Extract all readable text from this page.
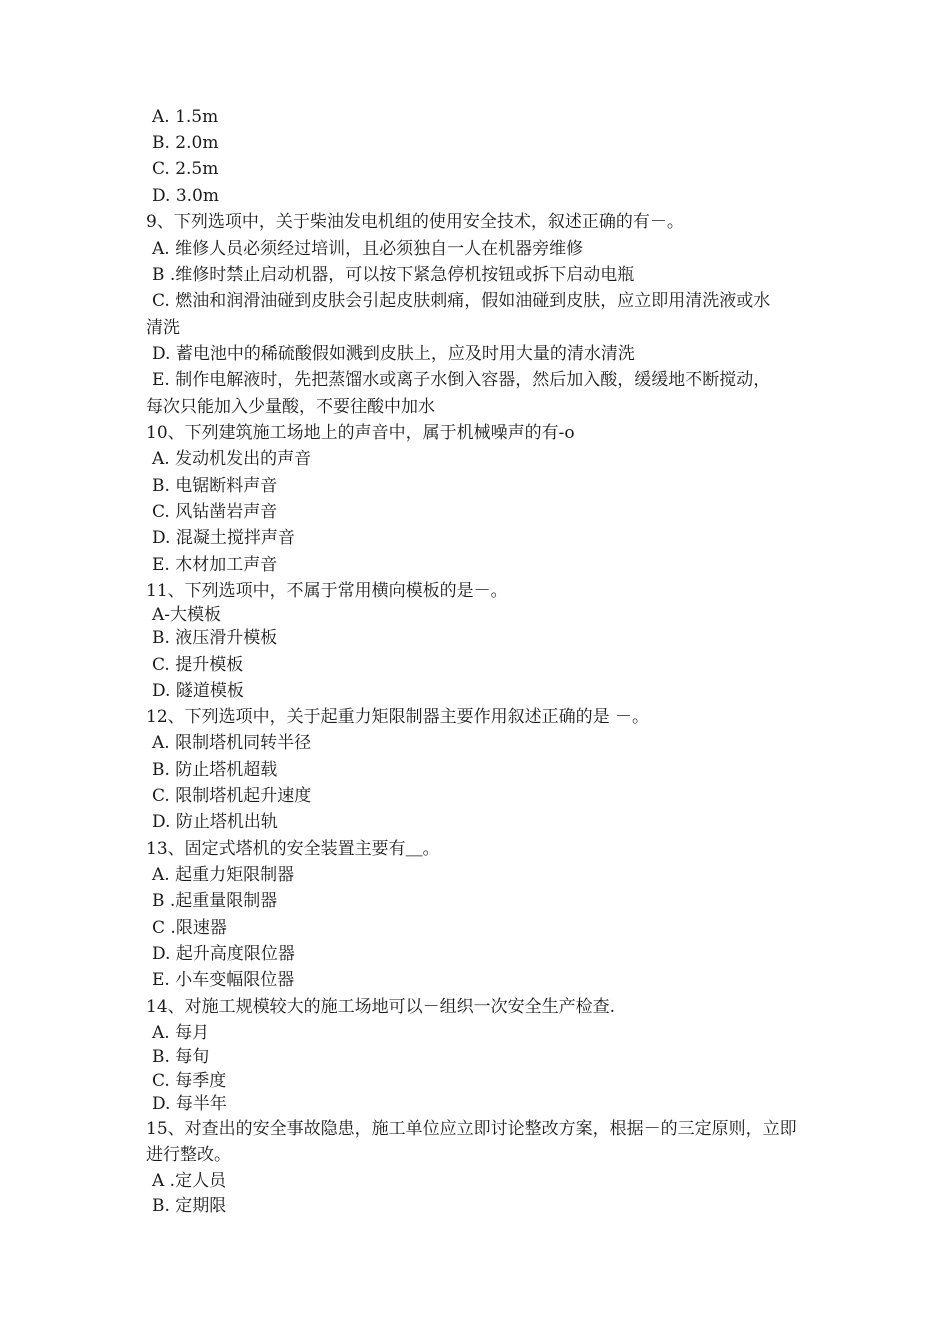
A. 1.5m
B. 2.0m
C. 2.5m
D. 3.0m
9、下列选项中，关于柴油发电机组的使用安全技术，叙述正确的有－。
A. 维修人员必须经过培训，且必须独自一人在机器旁维修
B .维修时禁止启动机器，可以按下紧急停机按钮或拆下启动电瓶
C. 燃油和润滑油碰到皮肤会引起皮肤刺痛，假如油碰到皮肤，应立即用清洗液或水
清洗
D. 蓄电池中的稀硫酸假如溅到皮肤上，应及时用大量的清水清洗
E. 制作电解液时，先把蒸馏水或离子水倒入容器，然后加入酸，缓缓地不断搅动，
每次只能加入少量酸，不要往酸中加水
10、下列建筑施工场地上的声音中，属于机械噪声的有-o
A. 发动机发出的声音
B. 电锯断料声音
C. 风钻凿岩声音
D. 混凝土搅拌声音
E. 木材加工声音
11、下列选项中，不属于常用横向模板的是－。
A-大模板
B. 液压滑升模板
C. 提升模板
D. 隧道模板
12、下列选项中，关于起重力矩限制器主要作用叙述正确的是 －。
A. 限制塔机同转半径
B. 防止塔机超载
C. 限制塔机起升速度
D. 防止塔机出轨
13、固定式塔机的安全装置主要有＿。
A. 起重力矩限制器
B .起重量限制器
C .限速器
D. 起升高度限位器
E. 小车变幅限位器
14、对施工规模较大的施工场地可以－组织一次安全生产检查.
A. 每月
B. 每旬
C. 每季度
D. 每半年
15、对查出的安全事故隐患，施工单位应立即讨论整改方案，根据－的三定原则，立即
进行整改。
A .定人员
B. 定期限
